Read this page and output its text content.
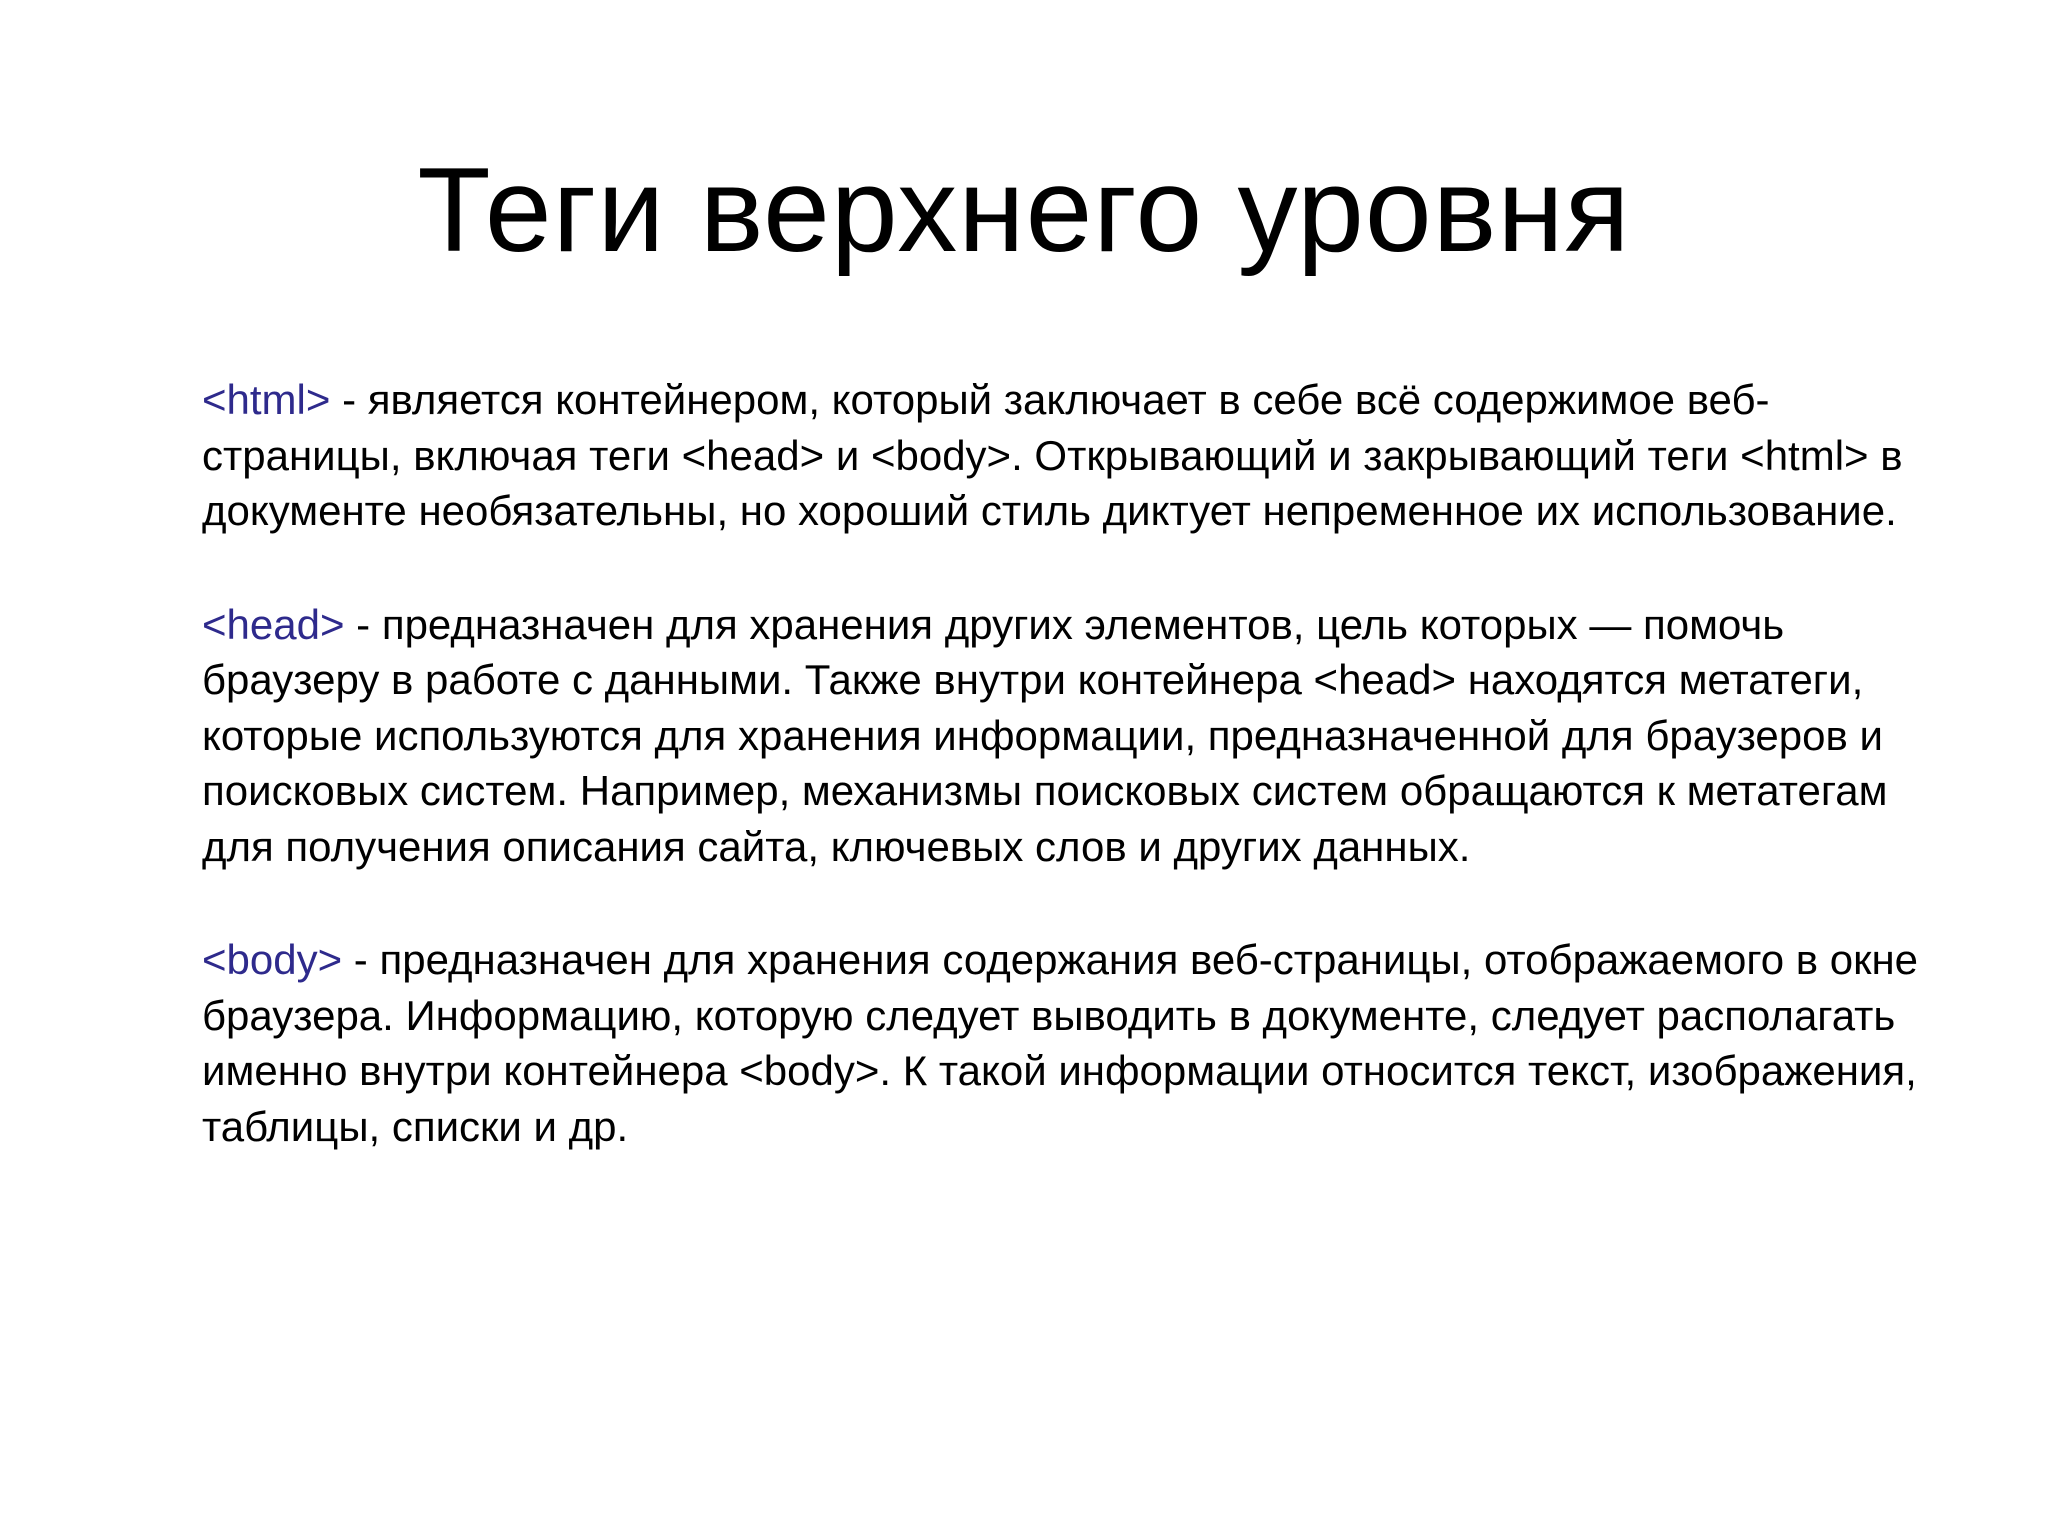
Теги верхнего уровня

<html> - является контейнером, который заключает в себе всё содержимое веб-страницы, включая теги <head> и <body>. Открывающий и закрывающий теги <html> в документе необязательны, но хороший стиль диктует непременное их использование.

<head> - предназначен для хранения других элементов, цель которых — помочь браузеру в работе с данными. Также внутри контейнера <head> находятся метатеги, которые используются для хранения информации, предназначенной для браузеров и поисковых систем. Например, механизмы поисковых систем обращаются к метатегам для получения описания сайта, ключевых слов и других данных.

<body> - предназначен для хранения содержания веб-страницы, отображаемого в окне браузера. Информацию, которую следует выводить в документе, следует располагать именно внутри контейнера <body>. К такой информации относится текст, изображения, таблицы, списки и др.
